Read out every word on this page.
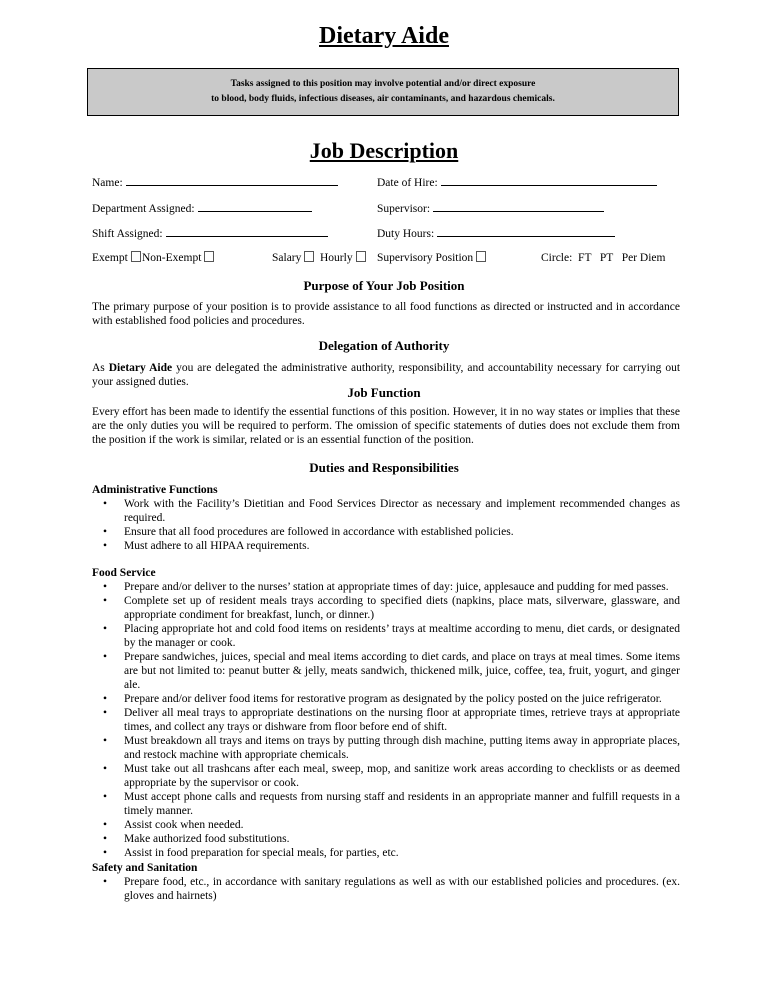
Dietary Aide
Tasks assigned to this position may involve potential and/or direct exposure
to blood, body fluids, infectious diseases, air contaminants, and hazardous chemicals.
Job Description
Name:	Date of Hire:
Department Assigned:	Supervisor:
Shift Assigned:	Duty Hours:
Exempt	Non-Exempt	Salary	Hourly	Supervisory Position	Circle:  FT   PT   Per Diem
Purpose of Your Job Position
The primary purpose of your position is to provide assistance to all food functions as directed or instructed and in accordance with established food policies and procedures.
Delegation of Authority
As Dietary Aide you are delegated the administrative authority, responsibility, and accountability necessary for carrying out your assigned duties.
Job Function
Every effort has been made to identify the essential functions of this position. However, it in no way states or implies that these are the only duties you will be required to perform. The omission of specific statements of duties does not exclude them from the position if the work is similar, related or is an essential function of the position.
Duties and Responsibilities
Administrative Functions
• Work with the Facility’s Dietitian and Food Services Director as necessary and implement recommended changes as required.
• Ensure that all food procedures are followed in accordance with established policies.
• Must adhere to all HIPAA requirements.
Food Service
• Prepare and/or deliver to the nurses’ station at appropriate times of day: juice, applesauce and pudding for med passes.
• Complete set up of resident meals trays according to specified diets (napkins, place mats, silverware, glassware, and appropriate condiment for breakfast, lunch, or dinner.)
• Placing appropriate hot and cold food items on residents’ trays at mealtime according to menu, diet cards, or designated by the manager or cook.
• Prepare sandwiches, juices, special and meal items according to diet cards, and place on trays at meal times. Some items are but not limited to: peanut butter & jelly, meats sandwich, thickened milk, juice, coffee, tea, fruit, yogurt, and ginger ale.
• Prepare and/or deliver food items for restorative program as designated by the policy posted on the juice refrigerator.
• Deliver all meal trays to appropriate destinations on the nursing floor at appropriate times, retrieve trays at appropriate times, and collect any trays or dishware from floor before end of shift.
• Must breakdown all trays and items on trays by putting through dish machine, putting items away in appropriate places, and restock machine with appropriate chemicals.
• Must take out all trashcans after each meal, sweep, mop, and sanitize work areas according to checklists or as deemed appropriate by the supervisor or cook.
• Must accept phone calls and requests from nursing staff and residents in an appropriate manner and fulfill requests in a timely manner.
• Assist cook when needed.
• Make authorized food substitutions.
• Assist in food preparation for special meals, for parties, etc.
Safety and Sanitation
• Prepare food, etc., in accordance with sanitary regulations as well as with our established policies and procedures. (ex. gloves and hairnets)
